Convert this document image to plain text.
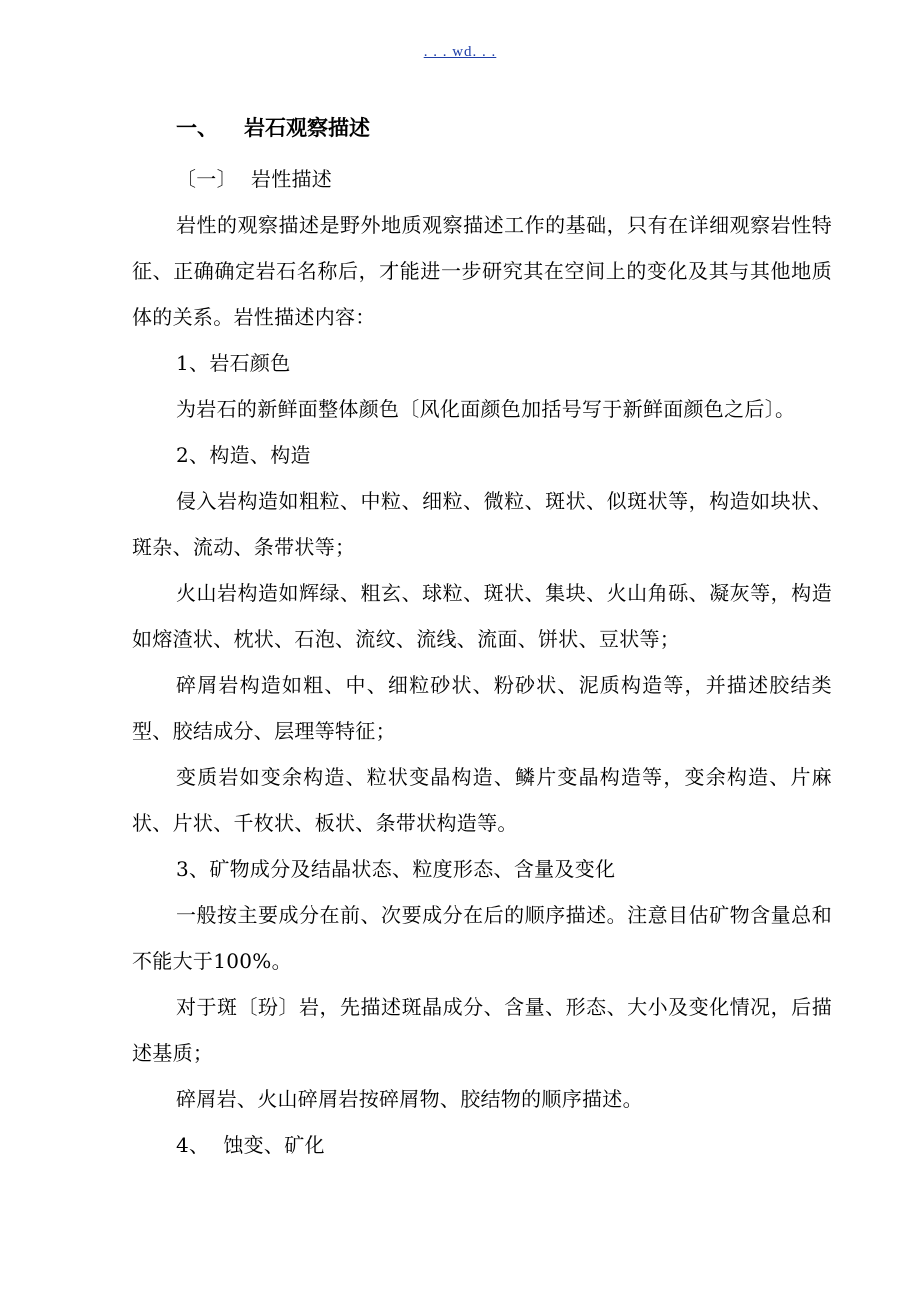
. . . wd. . .
一、 岩石观察描述

〔一〕 岩性描述

岩性的观察描述是野外地质观察描述工作的基础，只有在详细观察岩性特征、正确确定岩石名称后，才能进一步研究其在空间上的变化及其与其他地质体的关系。岩性描述内容：

1、岩石颜色

为岩石的新鲜面整体颜色〔风化面颜色加括号写于新鲜面颜色之后〕。

2、构造、构造

侵入岩构造如粗粒、中粒、细粒、微粒、斑状、似斑状等，构造如块状、斑杂、流动、条带状等；

火山岩构造如辉绿、粗玄、球粒、斑状、集块、火山角砾、凝灰等，构造如熔渣状、枕状、石泡、流纹、流线、流面、饼状、豆状等；

碎屑岩构造如粗、中、细粒砂状、粉砂状、泥质构造等，并描述胶结类型、胶结成分、层理等特征；

变质岩如变余构造、粒状变晶构造、鳞片变晶构造等，变余构造、片麻状、片状、千枚状、板状、条带状构造等。

3、矿物成分及结晶状态、粒度形态、含量及变化

一般按主要成分在前、次要成分在后的顺序描述。注意目估矿物含量总和不能大于100%。

对于斑〔玢〕岩，先描述斑晶成分、含量、形态、大小及变化情况，后描述基质；

碎屑岩、火山碎屑岩按碎屑物、胶结物的顺序描述。

4、 蚀变、矿化
